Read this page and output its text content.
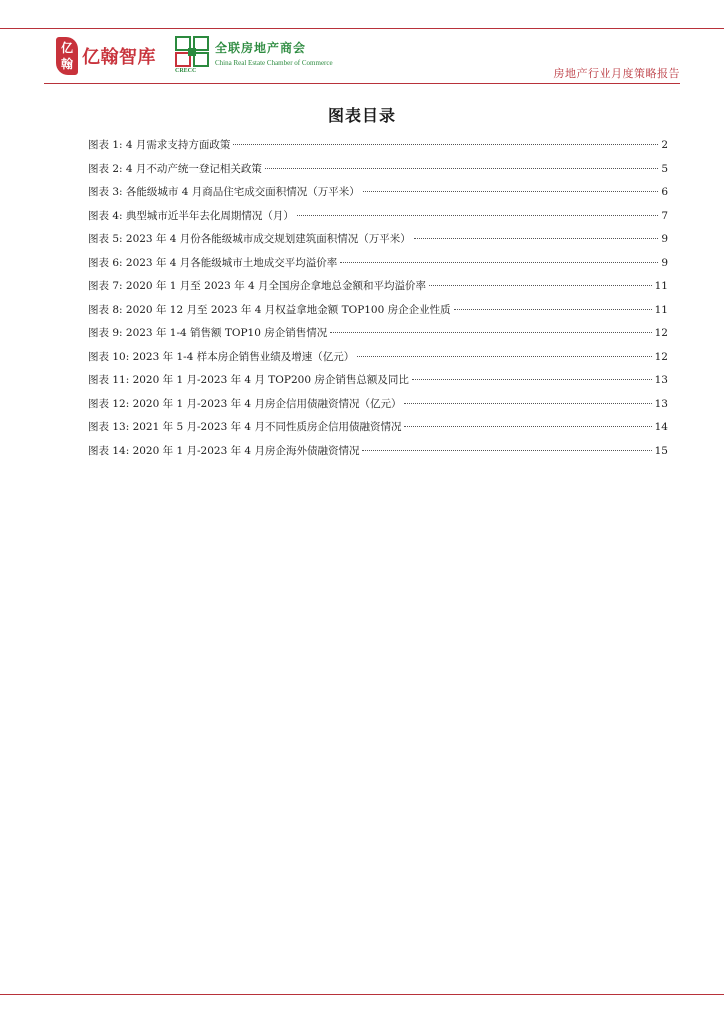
亿翰 亿翰智库	全联房地产商会
China Real Estate Chamber of Commerce
CRECC	房地产行业月度策略报告
图表目录
图表 1: 4 月需求支持方面政策	2
图表 2: 4 月不动产统一登记相关政策	5
图表 3: 各能级城市 4 月商品住宅成交面积情况（万平米）	6
图表 4: 典型城市近半年去化周期情况（月）	7
图表 5: 2023 年 4 月份各能级城市成交规划建筑面积情况（万平米）	9
图表 6: 2023 年 4 月各能级城市土地成交平均溢价率	9
图表 7: 2020 年 1 月至 2023 年 4 月全国房企拿地总金额和平均溢价率	11
图表 8: 2020 年 12 月至 2023 年 4 月权益拿地金额 TOP100 房企企业性质	11
图表 9: 2023 年 1-4 销售额 TOP10 房企销售情况	12
图表 10: 2023 年 1-4 样本房企销售业绩及增速（亿元）	12
图表 11: 2020 年 1 月-2023 年 4 月 TOP200 房企销售总额及同比	13
图表 12: 2020 年 1 月-2023 年 4 月房企信用债融资情况（亿元）	13
图表 13: 2021 年 5 月-2023 年 4 月不同性质房企信用债融资情况	14
图表 14: 2020 年 1 月-2023 年 4 月房企海外债融资情况	15
